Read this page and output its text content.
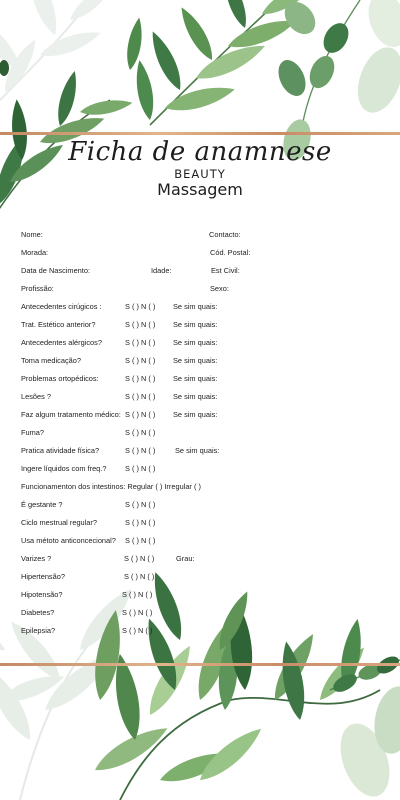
Ficha de anamnese
BEAUTY
Massagem
Nome:	Contacto:
Morada:	Cód. Postal:
Data de Nascimento:	Idade:	Est Civil:
Profissão:	Sexo:
Antecedentes cirúgicos :	S ( ) N ( ) Se sim quais:
Trat. Estético anterior?	S ( ) N ( ) Se sim quais:
Antecedentes alérgicos?	S ( ) N ( ) Se sim quais:
Toma medicação?	S ( ) N ( ) Se sim quais:
Problemas ortopédicos:	S ( ) N ( ) Se sim quais:
Lesões ?	S ( ) N ( ) Se sim quais:
Faz algum tratamento médico: S ( ) N ( ) Se sim quais:
Fuma?	S ( ) N ( )
Pratica atividade física?	S ( ) N ( )	Se sim quais:
Ingere líquidos com freq.?	S ( ) N ( )
Funcionamenton dos intestinos: Regular ( ) Irregular ( )
É gestante ?	S ( ) N ( )
Ciclo mestrual regular?	S ( ) N ( )
Usa métoto anticoncecional? S ( ) N ( )
Varizes ?	S ( ) N ( )	Grau:
Hipertensão?	S ( ) N ( )
Hipotensão?	S ( ) N ( )
Diabetes?	S ( ) N ( )
Epilepsia?	S ( ) N ( )
